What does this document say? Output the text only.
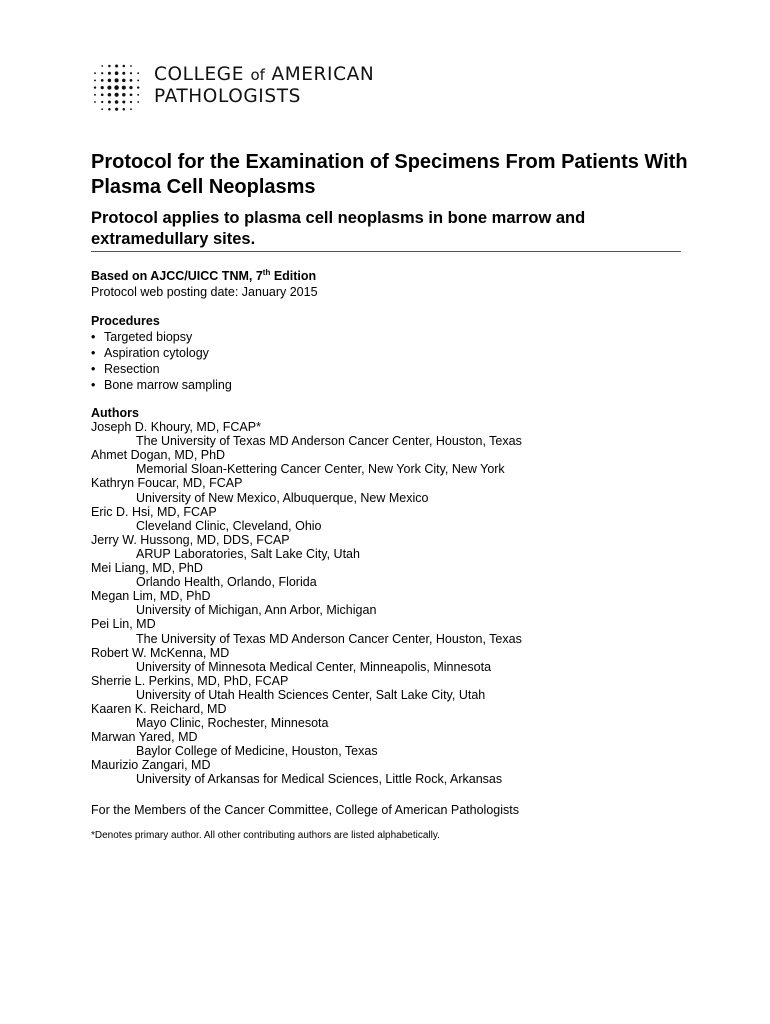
COLLEGE of AMERICAN
PATHOLOGISTS
Protocol for the Examination of Specimens From Patients With Plasma Cell Neoplasms
Protocol applies to plasma cell neoplasms in bone marrow and extramedullary sites.
Based on AJCC/UICC TNM, 7th Edition
Protocol web posting date: January 2015
Procedures
• Targeted biopsy
• Aspiration cytology
• Resection
• Bone marrow sampling
Authors
Joseph D. Khoury, MD, FCAP*
The University of Texas MD Anderson Cancer Center, Houston, Texas
Ahmet Dogan, MD, PhD
Memorial Sloan-Kettering Cancer Center, New York City, New York
Kathryn Foucar, MD, FCAP
University of New Mexico, Albuquerque, New Mexico
Eric D. Hsi, MD, FCAP
Cleveland Clinic, Cleveland, Ohio
Jerry W. Hussong, MD, DDS, FCAP
ARUP Laboratories, Salt Lake City, Utah
Mei Liang, MD, PhD
Orlando Health, Orlando, Florida
Megan Lim, MD, PhD
University of Michigan, Ann Arbor, Michigan
Pei Lin, MD
The University of Texas MD Anderson Cancer Center, Houston, Texas
Robert W. McKenna, MD
University of Minnesota Medical Center, Minneapolis, Minnesota
Sherrie L. Perkins, MD, PhD, FCAP
University of Utah Health Sciences Center, Salt Lake City, Utah
Kaaren K. Reichard, MD
Mayo Clinic, Rochester, Minnesota
Marwan Yared, MD
Baylor College of Medicine, Houston, Texas
Maurizio Zangari, MD
University of Arkansas for Medical Sciences, Little Rock, Arkansas
For the Members of the Cancer Committee, College of American Pathologists
*Denotes primary author. All other contributing authors are listed alphabetically.
